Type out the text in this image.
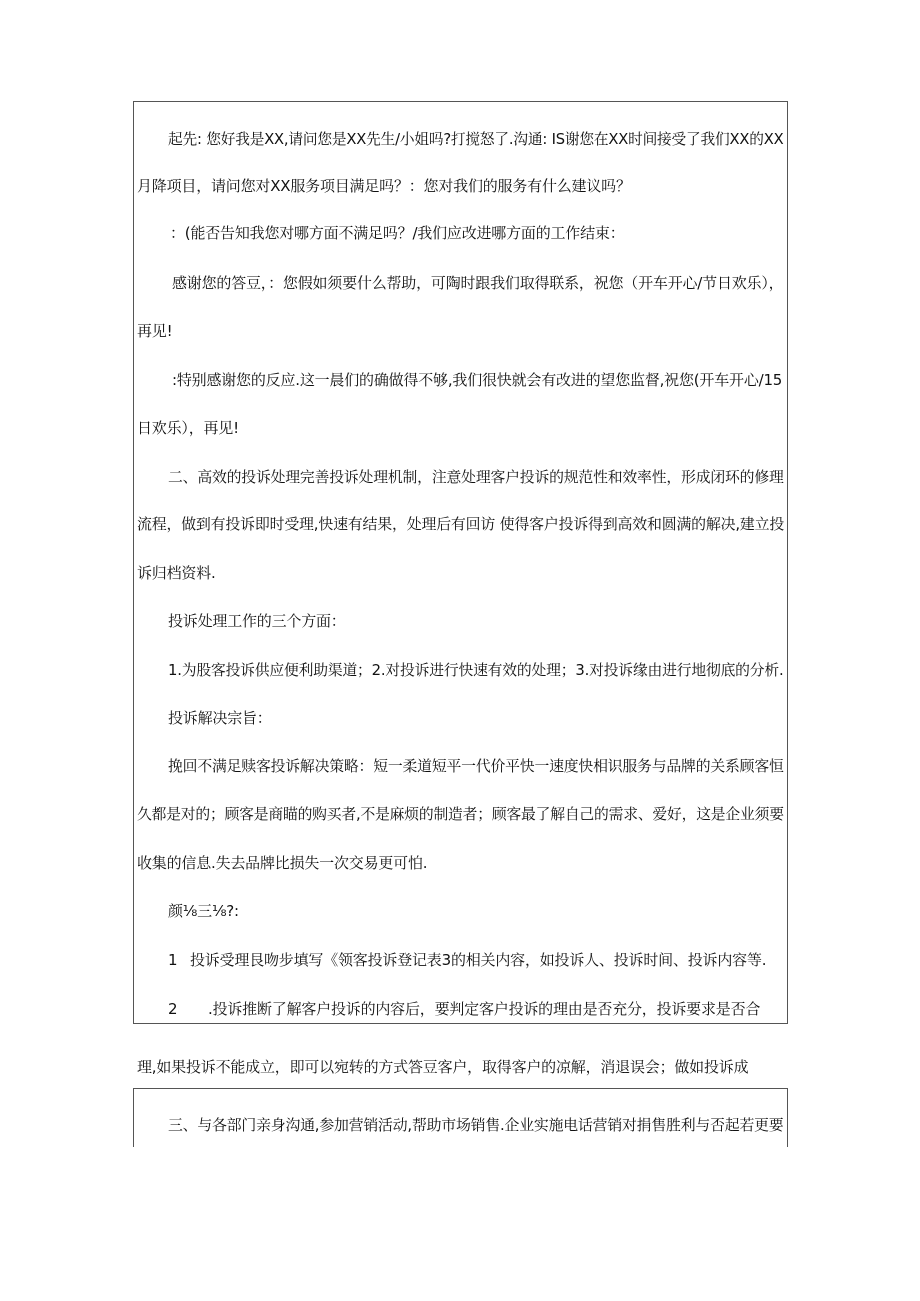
起先: 您好我是XX,请问您是XX先生/小姐吗?打搅怒了.沟通: IS谢您在XX时间接受了我们XX的XX

月降项目，请问您对XX服务项目满足吗？：您对我们的服务有什么建议吗？

：(能否告知我您对哪方面不满足吗？/我们应改进哪方面的工作结束：

感谢您的答豆，：您假如须要什么帮助，可陶时跟我们取得联系，祝您（开车开心/节日欢乐），

再见!

:特别感谢您的反应.这一晨们的确做得不够,我们很快就会有改进的望您监督,祝您(开车开心/15

日欢乐），再见!

二、高效的投诉处理完善投诉处理机制，注意处理客户投诉的规范性和效率性，形成闭环的修理

流程，做到有投诉即时受理,快速有结果，处理后有回访 使得客户投诉得到高效和圆满的解决,建立投

诉归档资料.

投诉处理工作的三个方面：

1.为股客投诉供应便利助渠道；2.对投诉进行快速有效的处理；3.对投诉缘由进行地彻底的分析.

投诉解决宗旨：

挽回不满足赎客投诉解决策略：短一柔道短平一代价平快一速度快相识服务与品牌的关系顾客恒

久都是对的；顾客是商瞄的购买者,不是麻烦的制造者；顾客最了解自己的需求、爱好，这是企业须要

收集的信息.失去品牌比损失一次交易更可怕.

颜⅛三⅛?:

1 投诉受理艮吻步填写《领客投诉登记表3的相关内容，如投诉人、投诉时间、投诉内容等.

2 .投诉推断了解客户投诉的内容后，要判定客户投诉的理由是否充分，投诉要求是否合

理,如果投诉不能成立，即可以宛转的方式答豆客户，取得客户的凉解，消退误会；做如投诉成

三、与各部门亲身沟通,参加营销活动,帮助市场销售.企业实施电话营销对捐售胜利与否起若更要
